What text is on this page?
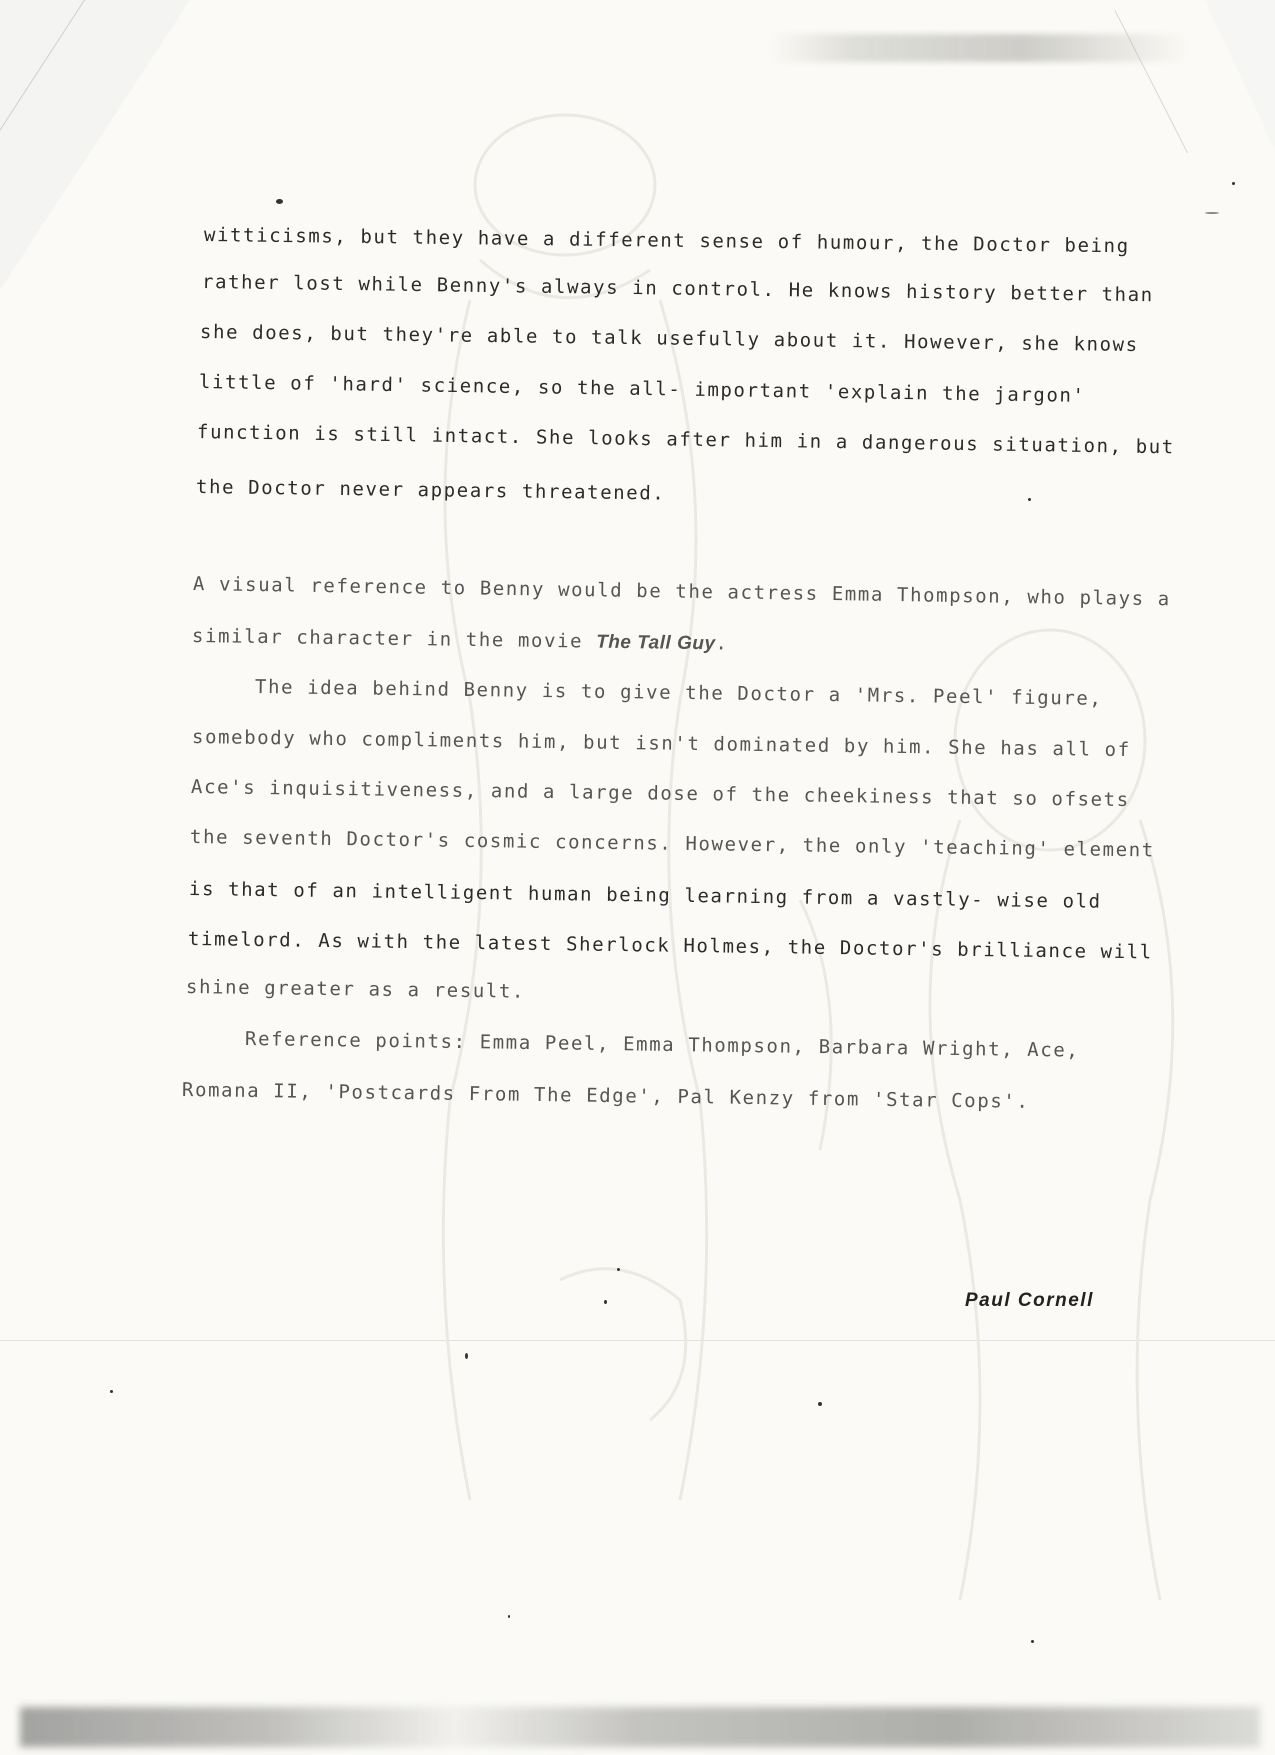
witticisms, but they have a different sense of humour, the Doctor being
rather lost while Benny's always in control. He knows history better than
she does, but they're able to talk usefully about it. However, she knows
little of 'hard' science, so the all- important 'explain the jargon'
function is still intact. She looks after him in a dangerous situation, but
the Doctor never appears threatened.
A visual reference to Benny would be the actress Emma Thompson, who plays a
similar character in the movie The Tall Guy.
The idea behind Benny is to give the Doctor a 'Mrs. Peel' figure,
somebody who compliments him, but isn't dominated by him. She has all of
Ace's inquisitiveness, and a large dose of the cheekiness that so ofsets
the seventh Doctor's cosmic concerns. However, the only 'teaching' element
is that of an intelligent human being learning from a vastly- wise old
timelord. As with the latest Sherlock Holmes, the Doctor's brilliance will
shine greater as a result.
Reference points: Emma Peel, Emma Thompson, Barbara Wright, Ace,
Romana II, 'Postcards From The Edge', Pal Kenzy from 'Star Cops'.
Paul Cornell
